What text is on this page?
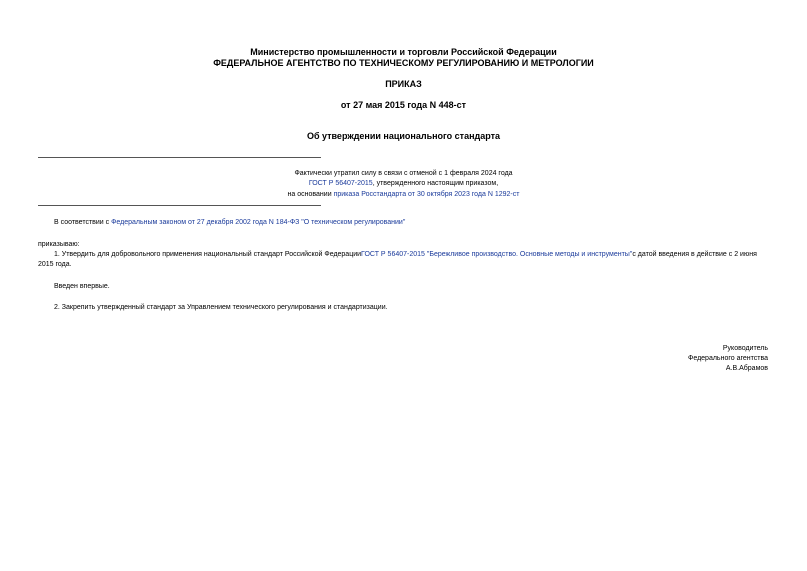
Министерство промышленности и торговли Российской Федерации
ФЕДЕРАЛЬНОЕ АГЕНТСТВО ПО ТЕХНИЧЕСКОМУ РЕГУЛИРОВАНИЮ И МЕТРОЛОГИИ
ПРИКАЗ
от 27 мая 2015 года N 448-ст
Об утверждении национального стандарта
Фактически утратил силу в связи с отменой с 1 февраля 2024 года
ГОСТ Р 56407-2015, утвержденного настоящим приказом,
на основании приказа Росстандарта от 30 октября 2023 года N 1292-ст
В соответствии с Федеральным законом от 27 декабря 2002 года N 184-ФЗ "О техническом регулировании"
приказываю:
1. Утвердить для добровольного применения национальный стандарт Российской ФедерацииГОСТ Р 56407-2015 "Бережливое производство. Основные методы и инструменты"с датой введения в действие с 2 июня 2015 года.
Введен впервые.
2. Закрепить утвержденный стандарт за Управлением технического регулирования и стандартизации.
Руководитель
Федерального агентства
А.В.Абрамов
